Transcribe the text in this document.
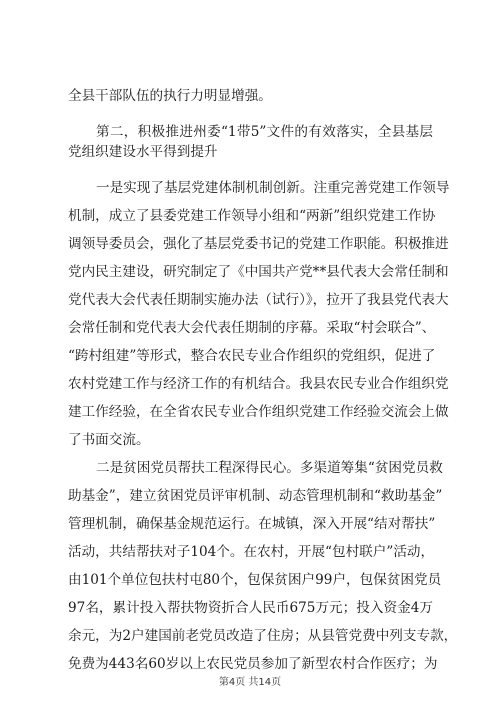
全县干部队伍的执行力明显增强。
第二，积极推进州委“1带5”文件的有效落实，全县基层
党组织建设水平得到提升
一是实现了基层党建体制机制创新。注重完善党建工作领导
机制，成立了县委党建工作领导小组和“两新”组织党建工作协
调领导委员会，强化了基层党委书记的党建工作职能。积极推进
党内民主建设，研究制定了《中国共产党**县代表大会常任制和
党代表大会代表任期制实施办法（试行）》，拉开了我县党代表大
会常任制和党代表大会代表任期制的序幕。采取“村会联合”、
“跨村组建”等形式，整合农民专业合作组织的党组织，促进了
农村党建工作与经济工作的有机结合。我县农民专业合作组织党
建工作经验，在全省农民专业合作组织党建工作经验交流会上做
了书面交流。
二是贫困党员帮扶工程深得民心。多渠道筹集“贫困党员救
助基金”，建立贫困党员评审机制、动态管理机制和“救助基金”
管理机制，确保基金规范运行。在城镇，深入开展“结对帮扶”
活动，共结帮扶对子104个。在农村，开展“包村联户”活动，
由101个单位包扶村屯80个，包保贫困户99户，包保贫困党员
97名，累计投入帮扶物资折合人民币675万元；投入资金4万
余元，为2户建国前老党员改造了住房；从县管党费中列支专款，
免费为443名60岁以上农民党员参加了新型农村合作医疗；为
第4页 共14页
